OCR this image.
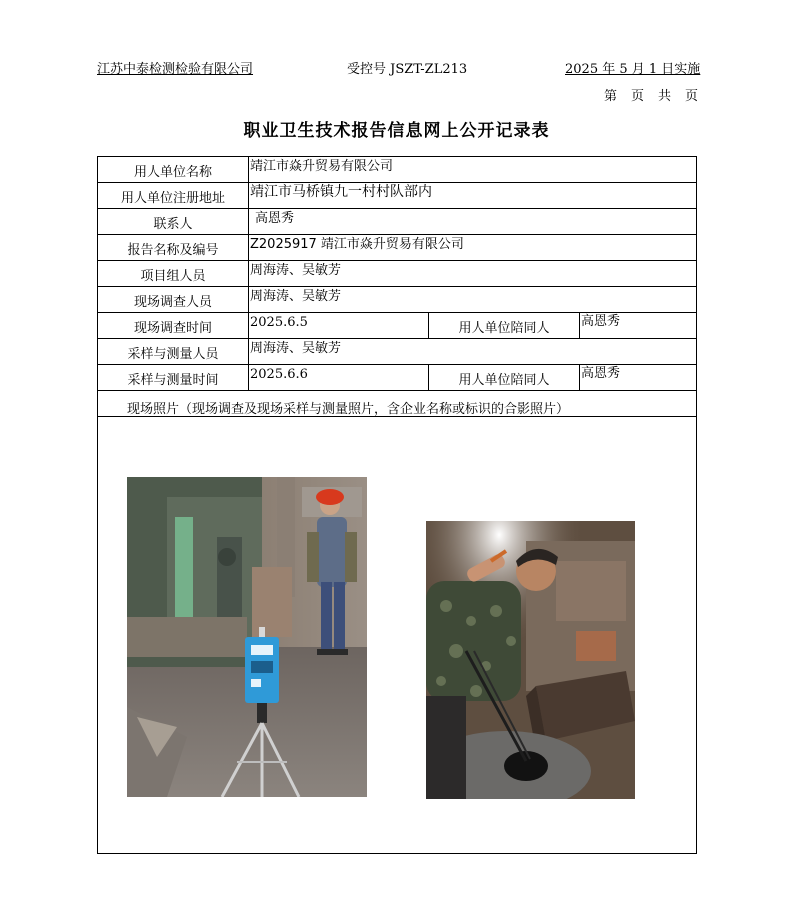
江苏中泰检测检验有限公司	受控号 JSZT-ZL213	2025 年 5 月 1 日实施
第 页 共 页
职业卫生技术报告信息网上公开记录表
用人单位名称	靖江市焱升贸易有限公司
用人单位注册地址	靖江市马桥镇九一村村队部内
联系人	高恩秀
报告名称及编号	Z2025917 靖江市焱升贸易有限公司
项目组人员	周海涛、吴敏芳
现场调查人员	周海涛、吴敏芳
现场调查时间	2025.6.5	用人单位陪同人	高恩秀
采样与测量人员	周海涛、吴敏芳
采样与测量时间	2025.6.6	用人单位陪同人	高恩秀
现场照片（现场调查及现场采样与测量照片，含企业名称或标识的合影照片）
